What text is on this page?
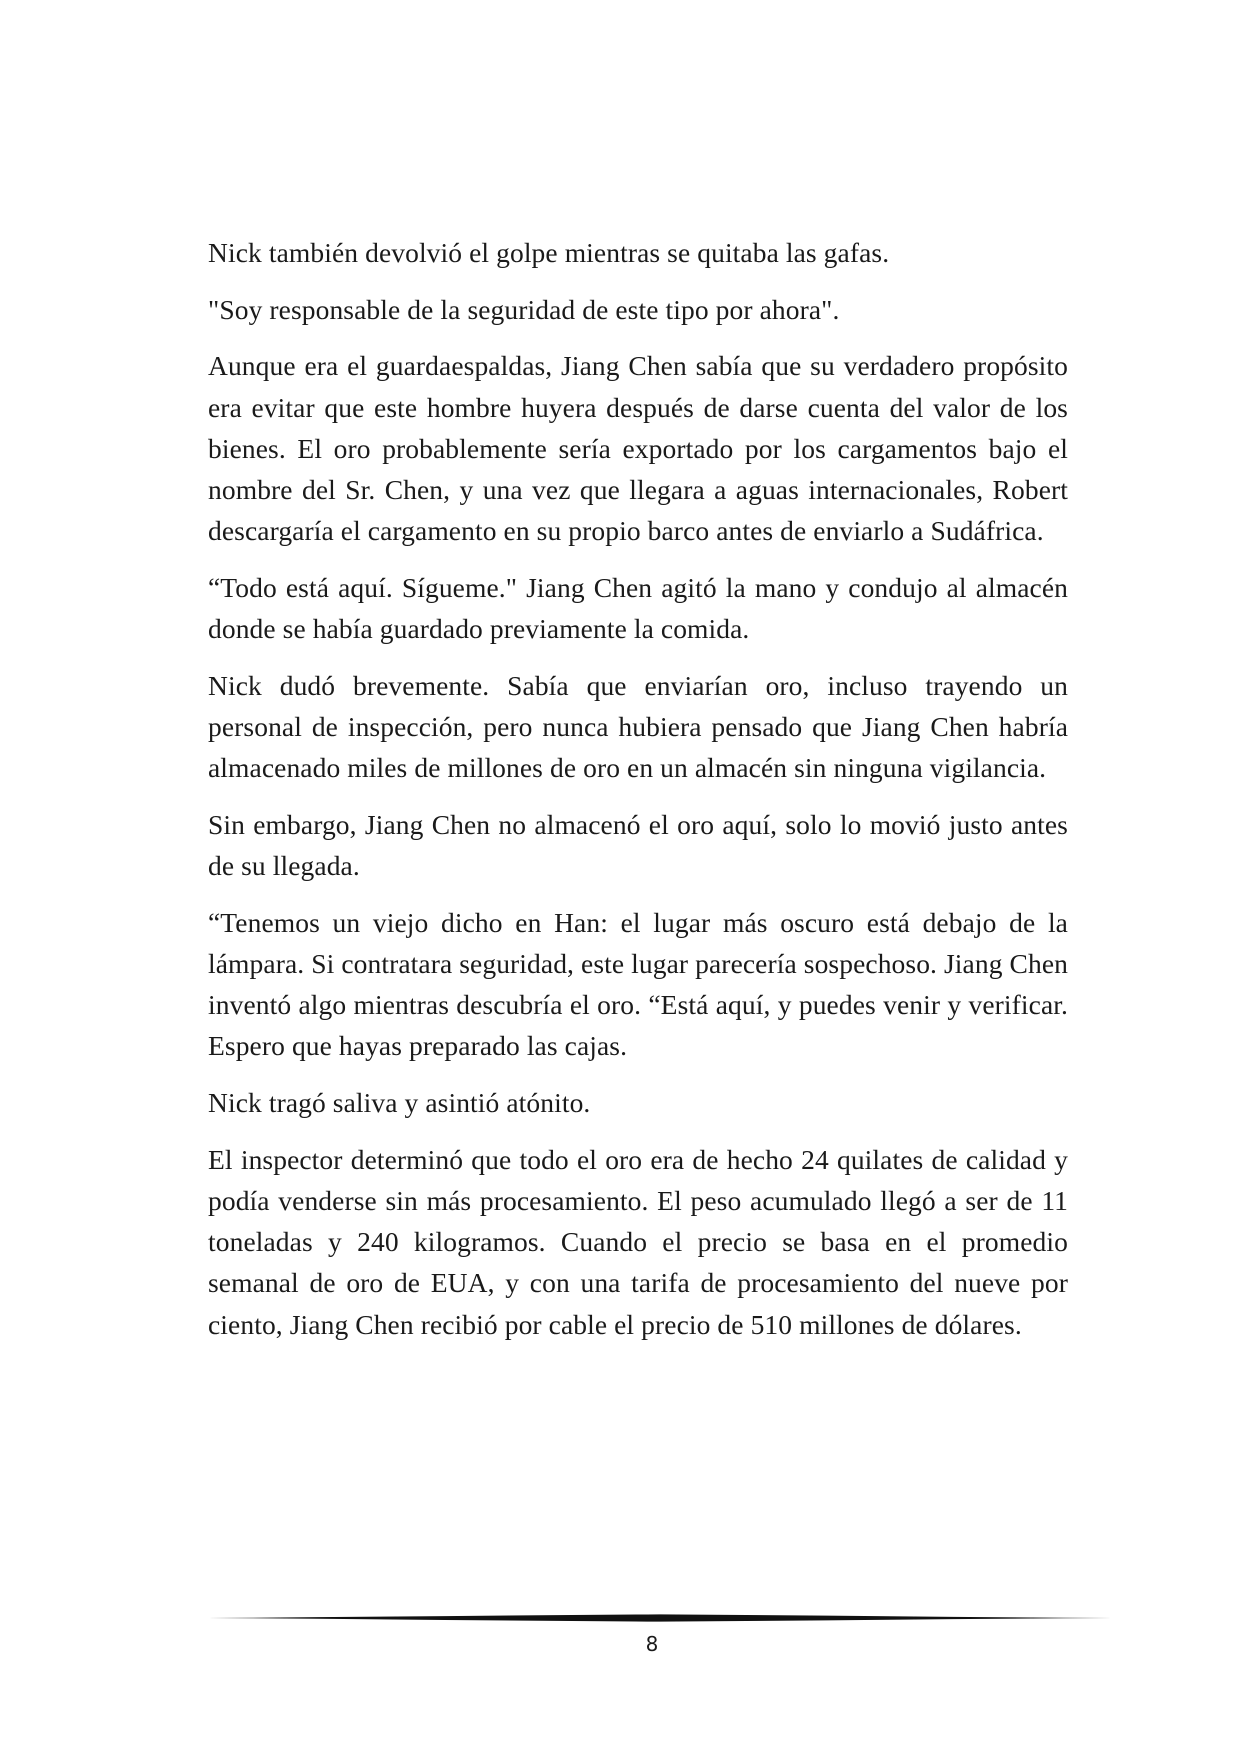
Nick también devolvió el golpe mientras se quitaba las gafas.

"Soy responsable de la seguridad de este tipo por ahora".

Aunque era el guardaespaldas, Jiang Chen sabía que su verdadero propósito era evitar que este hombre huyera después de darse cuenta del valor de los bienes. El oro probablemente sería exportado por los cargamentos bajo el nombre del Sr. Chen, y una vez que llegara a aguas internacionales, Robert descargaría el cargamento en su propio barco antes de enviarlo a Sudáfrica.

“Todo está aquí. Sígueme." Jiang Chen agitó la mano y condujo al almacén donde se había guardado previamente la comida.

Nick dudó brevemente. Sabía que enviarían oro, incluso trayendo un personal de inspección, pero nunca hubiera pensado que Jiang Chen habría almacenado miles de millones de oro en un almacén sin ninguna vigilancia.

Sin embargo, Jiang Chen no almacenó el oro aquí, solo lo movió justo antes de su llegada.

“Tenemos un viejo dicho en Han: el lugar más oscuro está debajo de la lámpara. Si contratara seguridad, este lugar parecería sospechoso. Jiang Chen inventó algo mientras descubría el oro. “Está aquí, y puedes venir y verificar. Espero que hayas preparado las cajas.

Nick tragó saliva y asintió atónito.

El inspector determinó que todo el oro era de hecho 24 quilates de calidad y podía venderse sin más procesamiento. El peso acumulado llegó a ser de 11 toneladas y 240 kilogramos. Cuando el precio se basa en el promedio semanal de oro de EUA, y con una tarifa de procesamiento del nueve por ciento, Jiang Chen recibió por cable el precio de 510 millones de dólares.

8
